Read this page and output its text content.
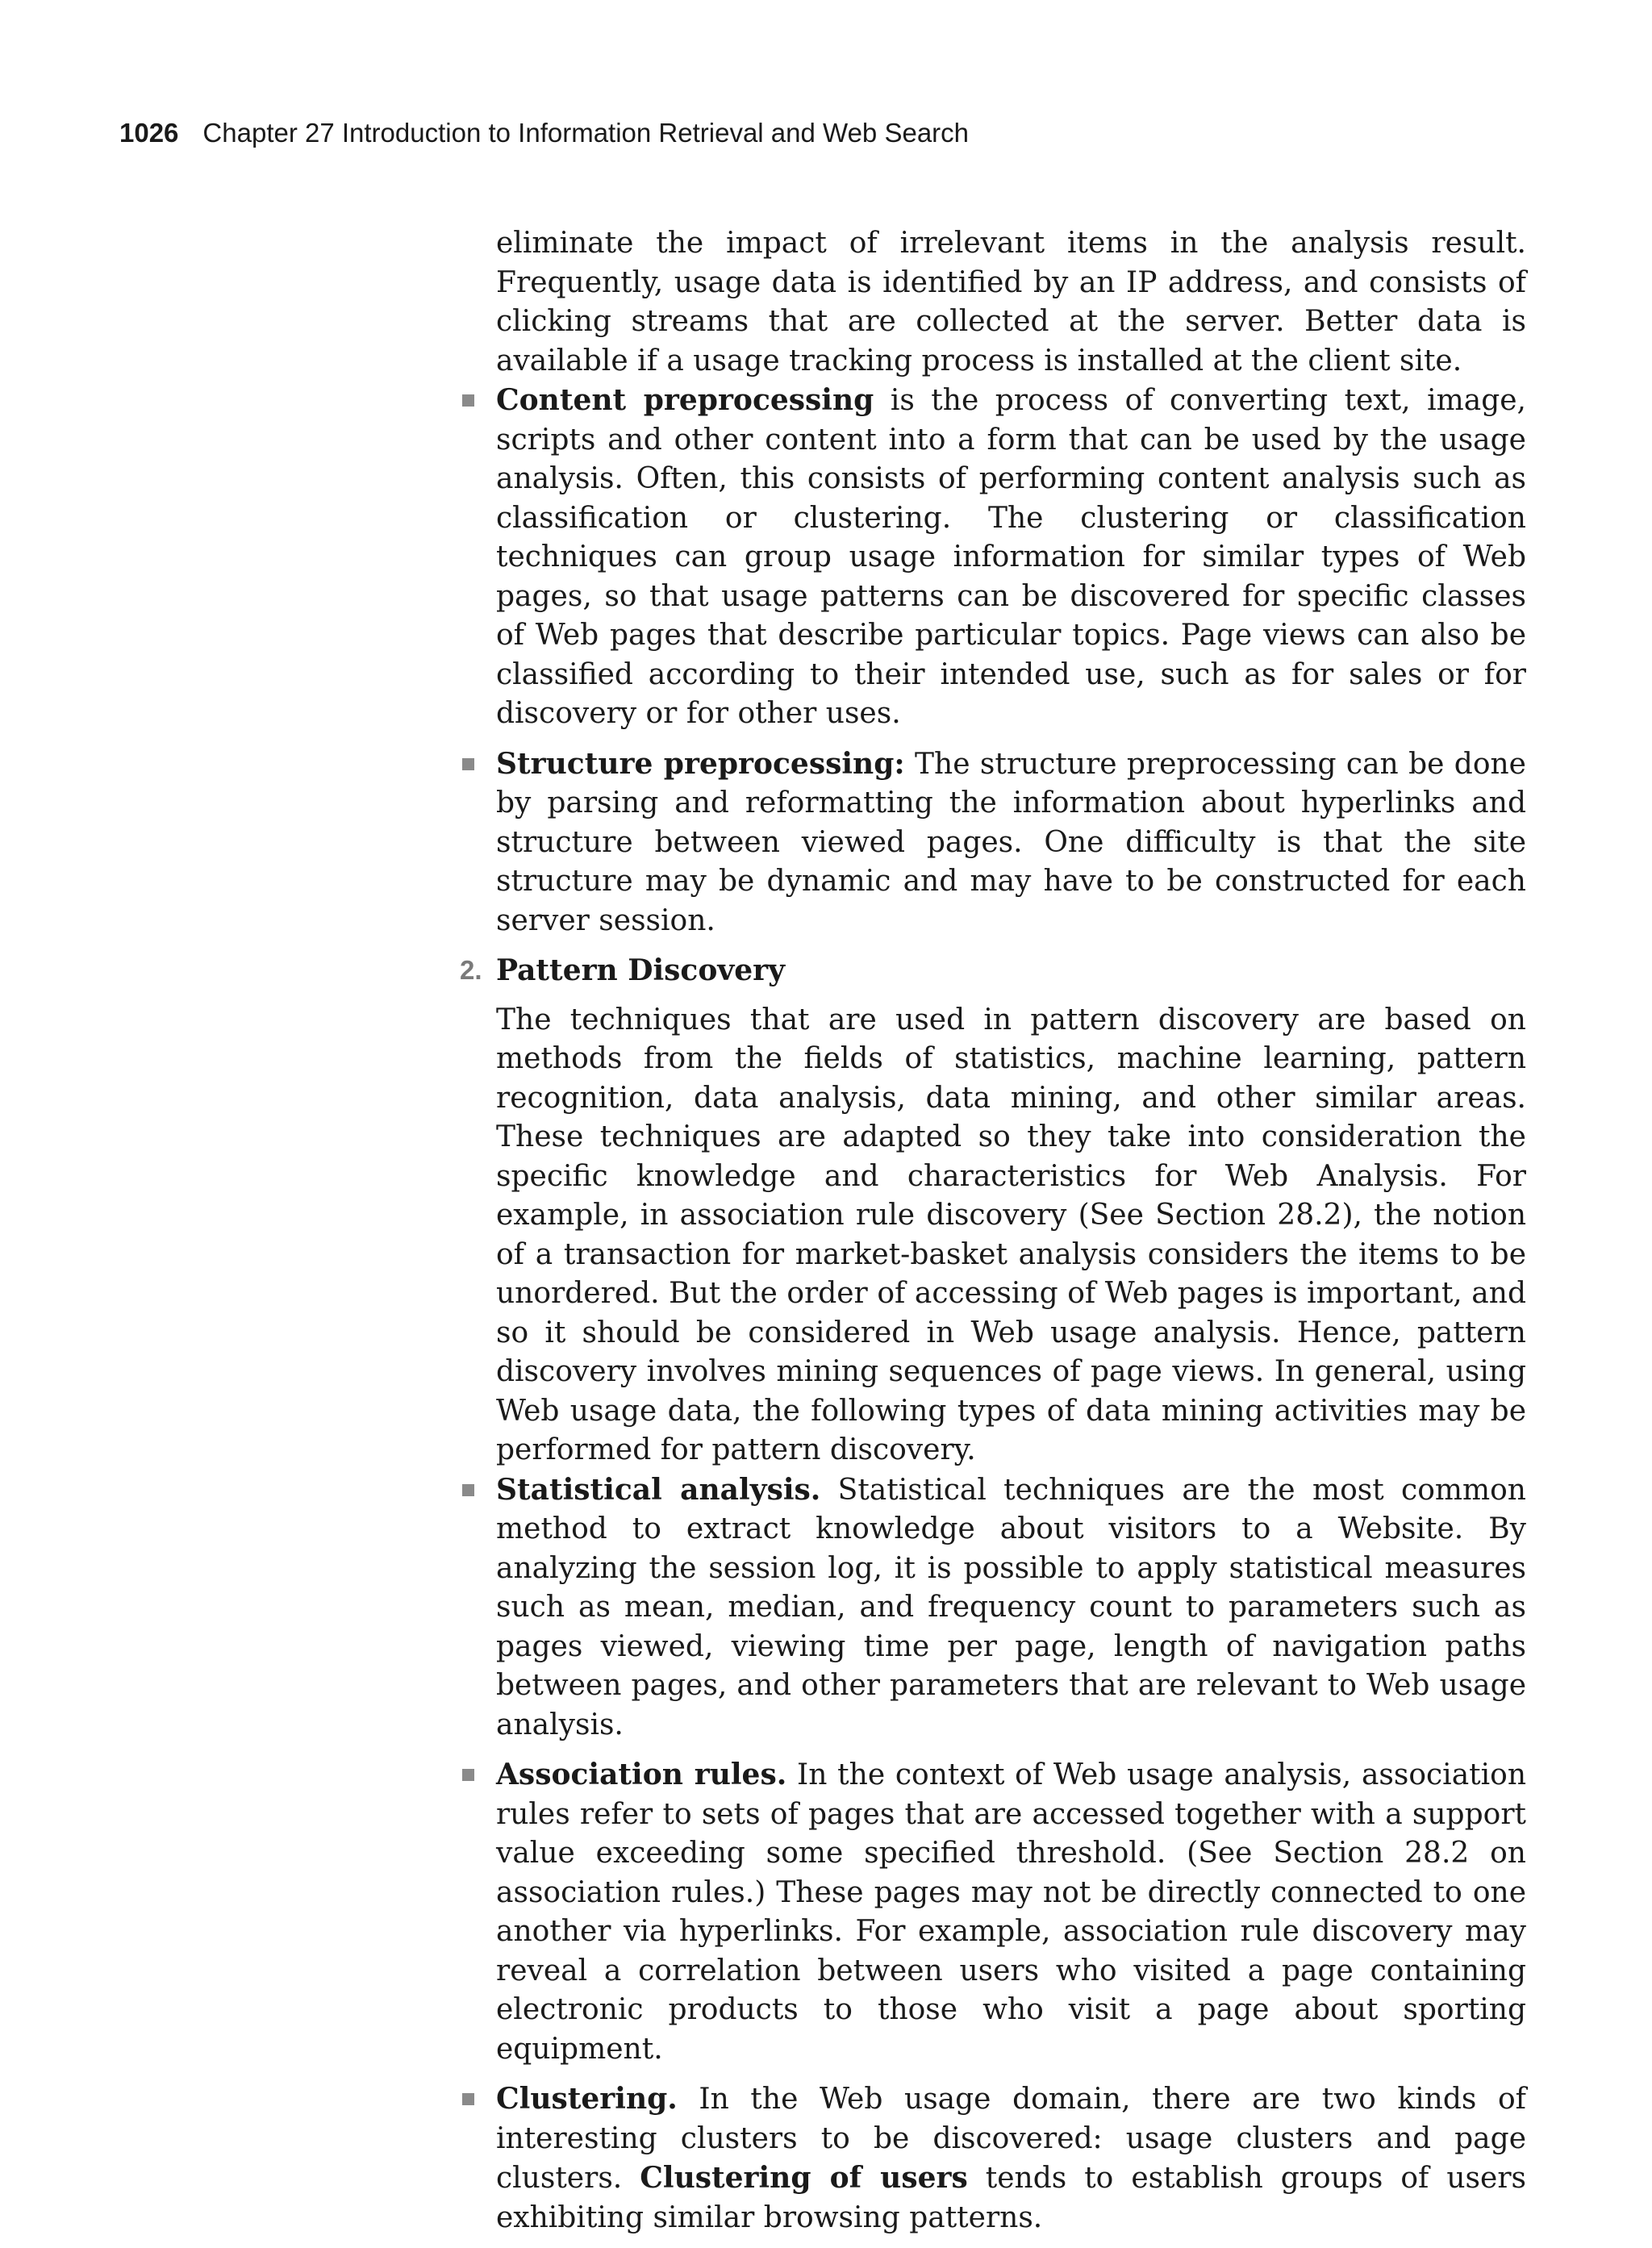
1026 Chapter 27 Introduction to Information Retrieval and Web Search

eliminate the impact of irrelevant items in the analysis result. Frequently, usage data is identified by an IP address, and consists of clicking streams that are collected at the server. Better data is available if a usage tracking process is installed at the client site.

Content preprocessing is the process of converting text, image, scripts and other content into a form that can be used by the usage analysis. Often, this consists of performing content analysis such as classification or clustering. The clustering or classification techniques can group usage information for similar types of Web pages, so that usage patterns can be discovered for specific classes of Web pages that describe particular topics. Page views can also be classified according to their intended use, such as for sales or for discovery or for other uses.

Structure preprocessing: The structure preprocessing can be done by parsing and reformatting the information about hyperlinks and structure between viewed pages. One difficulty is that the site structure may be dynamic and may have to be constructed for each server session.

2. Pattern Discovery

The techniques that are used in pattern discovery are based on methods from the fields of statistics, machine learning, pattern recognition, data analysis, data mining, and other similar areas. These techniques are adapted so they take into consideration the specific knowledge and characteristics for Web Analysis. For example, in association rule discovery (See Section 28.2), the notion of a transaction for market-basket analysis considers the items to be unordered. But the order of accessing of Web pages is important, and so it should be considered in Web usage analysis. Hence, pattern discovery involves mining sequences of page views. In general, using Web usage data, the following types of data mining activities may be performed for pattern discovery.

Statistical analysis. Statistical techniques are the most common method to extract knowledge about visitors to a Website. By analyzing the session log, it is possible to apply statistical measures such as mean, median, and frequency count to parameters such as pages viewed, viewing time per page, length of navigation paths between pages, and other parameters that are relevant to Web usage analysis.

Association rules. In the context of Web usage analysis, association rules refer to sets of pages that are accessed together with a support value exceeding some specified threshold. (See Section 28.2 on association rules.) These pages may not be directly connected to one another via hyperlinks. For example, association rule discovery may reveal a correlation between users who visited a page containing electronic products to those who visit a page about sporting equipment.

Clustering. In the Web usage domain, there are two kinds of interesting clusters to be discovered: usage clusters and page clusters. Clustering of users tends to establish groups of users exhibiting similar browsing patterns.
